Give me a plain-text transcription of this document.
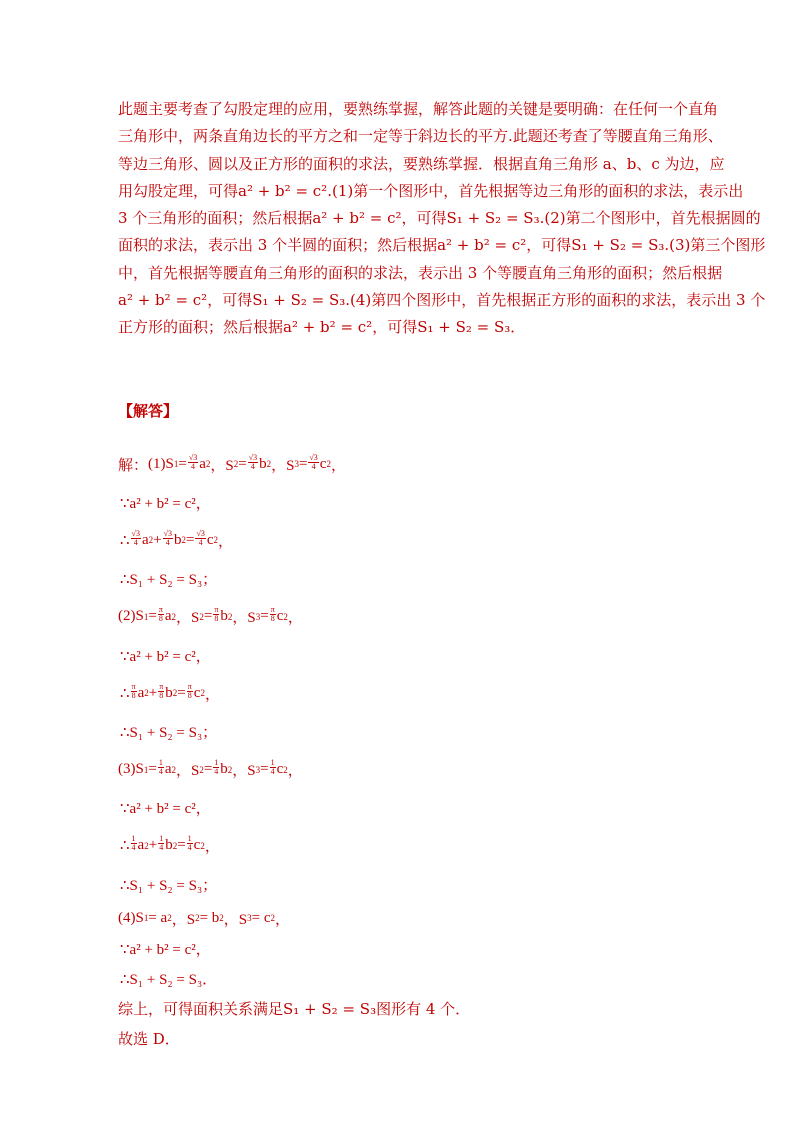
此题主要考查了勾股定理的应用，要熟练掌握，解答此题的关键是要明确：在任何一个直角
三角形中，两条直角边长的平方之和一定等于斜边长的平方.此题还考查了等腰直角三角形、
等边三角形、圆以及正方形的面积的求法，要熟练掌握．根据直角三角形 a、b、c 为边，应
用勾股定理，可得a² + b² = c².(1)第一个图形中，首先根据等边三角形的面积的求法，表示出
3 个三角形的面积；然后根据a² + b² = c²，可得S₁ + S₂ = S₃.(2)第二个图形中，首先根据圆的
面积的求法，表示出 3 个半圆的面积；然后根据a² + b² = c²，可得S₁ + S₂ = S₃.(3)第三个图形
中，首先根据等腰直角三角形的面积的求法，表示出 3 个等腰直角三角形的面积；然后根据
a² + b² = c²，可得S₁ + S₂ = S₃.(4)第四个图形中，首先根据正方形的面积的求法，表示出 3 个
正方形的面积；然后根据a² + b² = c²，可得S₁ + S₂ = S₃．
【解答】
解： (1) S $1 = \frac{√3}{4}$ a 2 ，S $2 = \frac{√3}{4}$ b 2 ，S $3 = \frac{√3}{4}$ c 2 ，
∵a² + b² = c²，
∴ $\frac{√3}{4}$ a $2 + \frac{√3}{4}$ b $2 = \frac{√3}{4}$ c 2 ，
∴S₁ + S₂ = S₃；
(2) S $1 = \frac{\pi}{8}$ a 2 ，S $2 = \frac{\pi}{8}$ b 2 ，S $3 = \frac{\pi}{8}$ c 2 ，
∵a² + b² = c²，
∴ $\frac{\pi}{8}$ a $2 + \frac{\pi}{8}$ b $2 = \frac{\pi}{8}$ c 2 ，
∴S₁ + S₂ = S₃；
(3) S $1 = \frac{1}{4}$ a 2 ，S $2 = \frac{1}{4}$ b 2 ，S $3 = \frac{1}{4}$ c 2 ，
∵a² + b² = c²，
∴ $\frac{1}{4}$ a $2 + \frac{1}{4}$ b $2 = \frac{1}{4}$ c 2 ，
∴S₁ + S₂ = S₃；
(4) S 1 = a 2 ，S 2 = b 2 ，S 3 = c 2 ，
∵a² + b² = c²，
∴S₁ + S₂ = S₃．
综上，可得面积关系满足S₁ + S₂ = S₃图形有 4 个．
故选 D．
